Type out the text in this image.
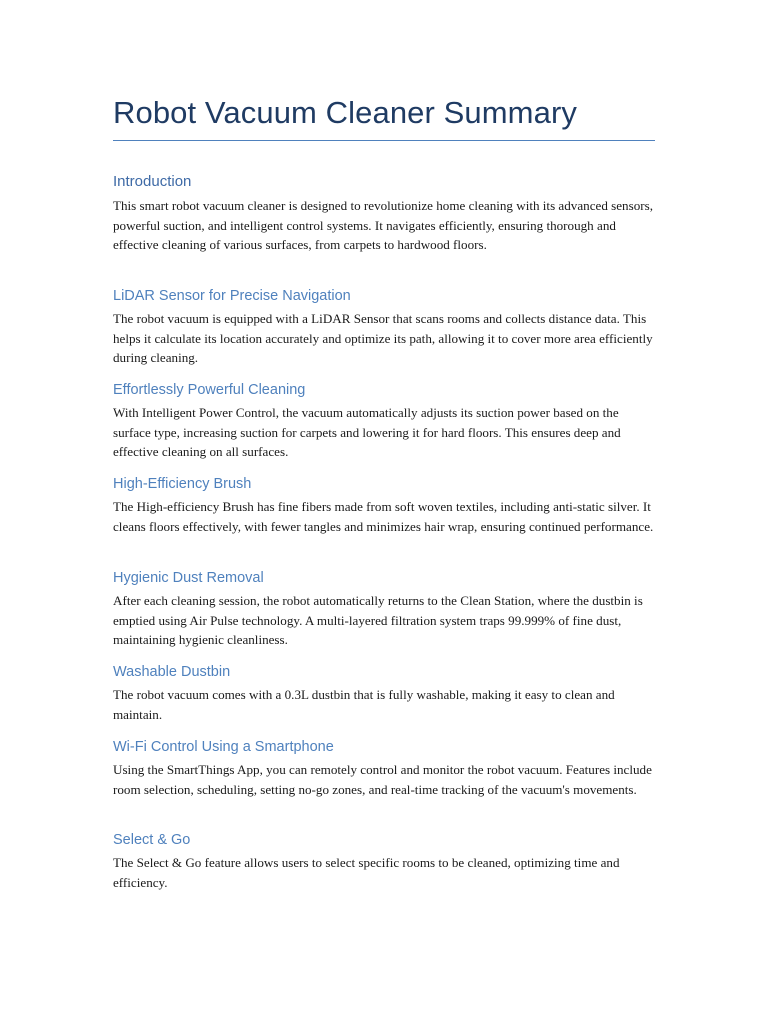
Robot Vacuum Cleaner Summary
Introduction

This smart robot vacuum cleaner is designed to revolutionize home cleaning with its advanced sensors, powerful suction, and intelligent control systems. It navigates efficiently, ensuring thorough and effective cleaning of various surfaces, from carpets to hardwood floors.

LiDAR Sensor for Precise Navigation

The robot vacuum is equipped with a LiDAR Sensor that scans rooms and collects distance data. This helps it calculate its location accurately and optimize its path, allowing it to cover more area efficiently during cleaning.

Effortlessly Powerful Cleaning

With Intelligent Power Control, the vacuum automatically adjusts its suction power based on the surface type, increasing suction for carpets and lowering it for hard floors. This ensures deep and effective cleaning on all surfaces.

High-Efficiency Brush

The High-efficiency Brush has fine fibers made from soft woven textiles, including anti-static silver. It cleans floors effectively, with fewer tangles and minimizes hair wrap, ensuring continued performance.

Hygienic Dust Removal

After each cleaning session, the robot automatically returns to the Clean Station, where the dustbin is emptied using Air Pulse technology. A multi-layered filtration system traps 99.999% of fine dust, maintaining hygienic cleanliness.

Washable Dustbin

The robot vacuum comes with a 0.3L dustbin that is fully washable, making it easy to clean and maintain.

Wi-Fi Control Using a Smartphone

Using the SmartThings App, you can remotely control and monitor the robot vacuum. Features include room selection, scheduling, setting no-go zones, and real-time tracking of the vacuum's movements.

Select & Go

The Select & Go feature allows users to select specific rooms to be cleaned, optimizing time and efficiency.
